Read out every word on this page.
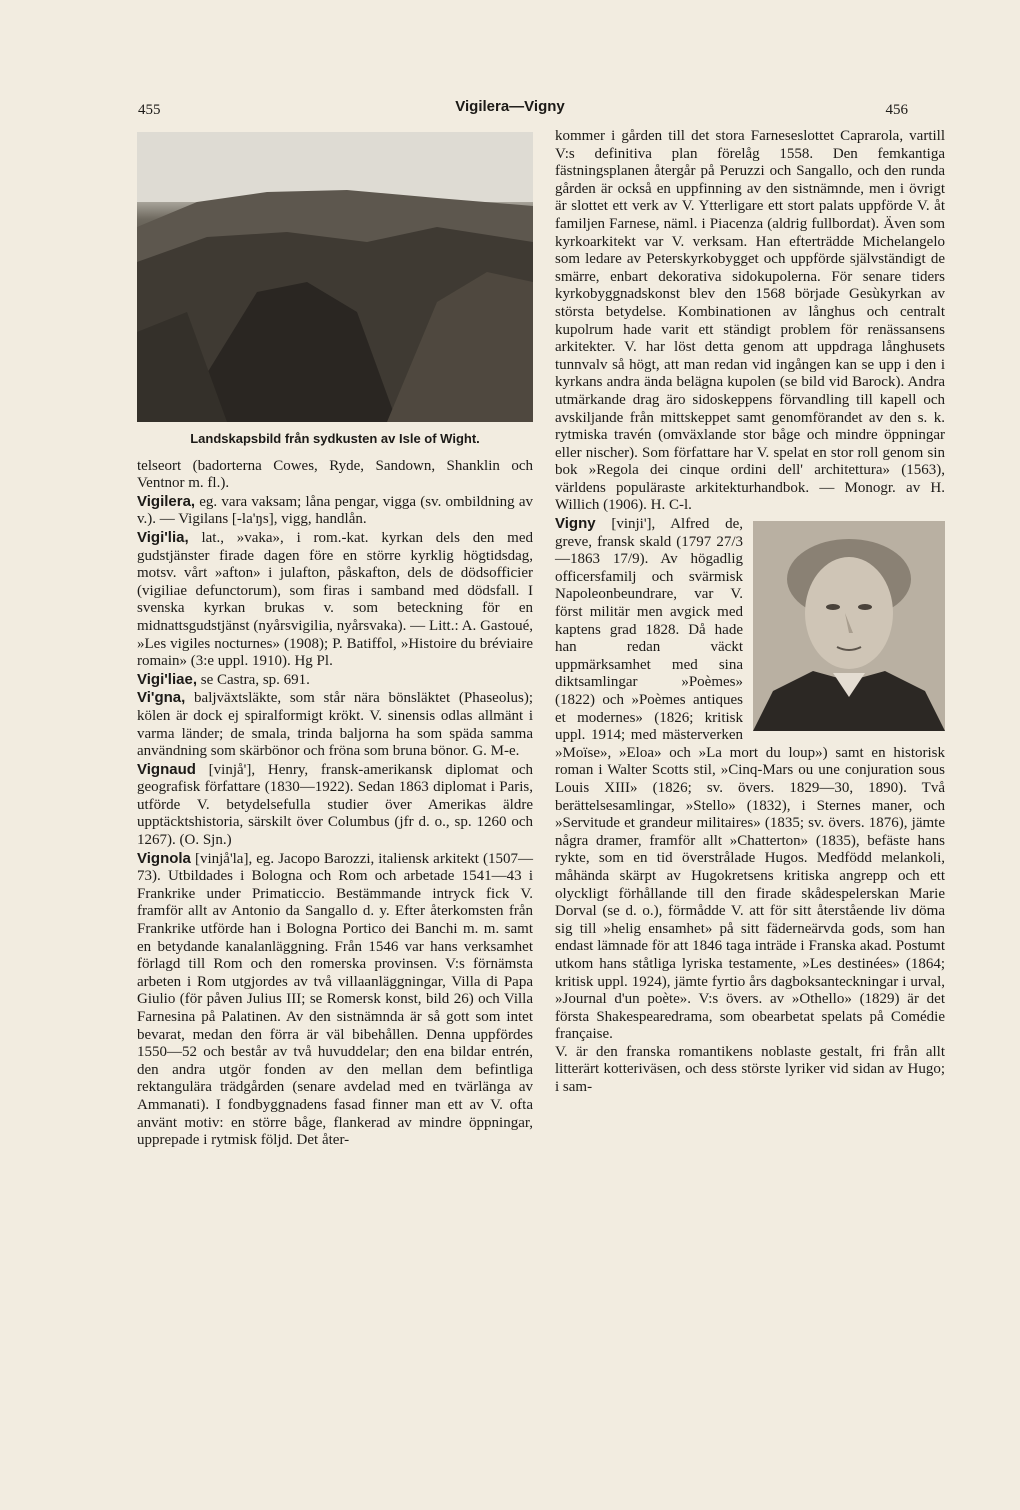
455	Vigilera—Vigny	456
Landskapsbild från sydkusten av Isle of Wight.

telseort (badorterna Cowes, Ryde, Sandown, Shanklin och Ventnor m. fl.).

Vigilera, eg. vara vaksam; låna pengar, vigga (sv. ombildning av v.). — Vigilans [-la'ŋs], vigg, handlån.

Vigi'lia, lat., »vaka», i rom.-kat. kyrkan dels den med gudstjänster firade dagen före en större kyrklig högtidsdag, motsv. vårt »afton» i julafton, påskafton, dels de dödsofficier (vigiliae defunctorum), som firas i samband med dödsfall. I svenska kyrkan brukas v. som beteckning för en midnattsgudstjänst (nyårsvigilia, nyårsvaka). — Litt.: A. Gastoué, »Les vigiles nocturnes» (1908); P. Batiffol, »Histoire du bréviaire romain» (3:e uppl. 1910). Hg Pl.

Vigi'liae, se Castra, sp. 691.

Vi'gna, baljväxtsläkte, som står nära bönsläktet (Phaseolus); kölen är dock ej spiralformigt krökt. V. sinensis odlas allmänt i varma länder; de smala, trinda baljorna ha som späda samma användning som skärbönor och fröna som bruna bönor. G. M-e.

Vignaud [vinjå'], Henry, fransk-amerikansk diplomat och geografisk författare (1830—1922). Sedan 1863 diplomat i Paris, utförde V. betydelsefulla studier över Amerikas äldre upptäcktshistoria, särskilt över Columbus (jfr d. o., sp. 1260 och 1267). (O. Sjn.)

Vignola [vinjå'la], eg. Jacopo Barozzi, italiensk arkitekt (1507—73). Utbildades i Bologna och Rom och arbetade 1541—43 i Frankrike under Primaticcio. Bestämmande intryck fick V. framför allt av Antonio da Sangallo d. y. Efter återkomsten från Frankrike utförde han i Bologna Portico dei Banchi m. m. samt en betydande kanalanläggning. Från 1546 var hans verksamhet förlagd till Rom och den romerska provinsen. V:s förnämsta arbeten i Rom utgjordes av två villaanläggningar, Villa di Papa Giulio (för påven Julius III; se Romersk konst, bild 26) och Villa Farnesina på Palatinen. Av den sistnämnda är så gott som intet bevarat, medan den förra är väl bibehållen. Denna uppfördes 1550—52 och består av två huvuddelar; den ena bildar entrén, den andra utgör fonden av den mellan dem befintliga rektangulära trädgården (senare avdelad med en tvärlänga av Ammanati). I fondbyggnadens fasad finner man ett av V. ofta använt motiv: en större båge, flankerad av mindre öppningar, upprepade i rytmisk följd. Det åter-

kommer i gården till det stora Farneseslottet Caprarola, vartill V:s definitiva plan förelåg 1558. Den femkantiga fästningsplanen återgår på Peruzzi och Sangallo, och den runda gården är också en uppfinning av den sistnämnde, men i övrigt är slottet ett verk av V. Ytterligare ett stort palats uppförde V. åt familjen Farnese, näml. i Piacenza (aldrig fullbordat). Även som kyrkoarkitekt var V. verksam. Han efterträdde Michelangelo som ledare av Peterskyrkobygget och uppförde självständigt de smärre, enbart dekorativa sidokupolerna. För senare tiders kyrkobyggnadskonst blev den 1568 började Gesùkyrkan av största betydelse. Kombinationen av långhus och centralt kupolrum hade varit ett ständigt problem för renässansens arkitekter. V. har löst detta genom att uppdraga långhusets tunnvalv så högt, att man redan vid ingången kan se upp i den i kyrkans andra ända belägna kupolen (se bild vid Barock). Andra utmärkande drag äro sidoskeppens förvandling till kapell och avskiljande från mittskeppet samt genomförandet av den s. k. rytmiska travén (omväxlande stor båge och mindre öppningar eller nischer). Som författare har V. spelat en stor roll genom sin bok »Regola dei cinque ordini dell' architettura» (1563), världens populäraste arkitekturhandbok. — Monogr. av H. Willich (1906). H. C-l.

Vigny [vinji'], Alfred de, greve, fransk skald (1797 27/3—1863 17/9). Av högadlig officersfamilj och svärmisk Napoleonbeundrare, var V. först militär men avgick med kaptens grad 1828. Då hade han redan väckt uppmärksamhet med sina diktsamlingar »Poèmes» (1822) och »Poèmes antiques et modernes» (1826; kritisk uppl. 1914; med mästerverken »Moïse», »Eloa» och »La mort du loup») samt en historisk roman i Walter Scotts stil, »Cinq-Mars ou une conjuration sous Louis XIII» (1826; sv. övers. 1829—30, 1890). Två berättelsesamlingar, »Stello» (1832), i Sternes maner, och »Servitude et grandeur militaires» (1835; sv. övers. 1876), jämte några dramer, framför allt »Chatterton» (1835), befäste hans rykte, som en tid överstrålade Hugos. Medfödd melankoli, måhända skärpt av Hugokretsens kritiska angrepp och ett olyckligt förhållande till den firade skådespelerskan Marie Dorval (se d. o.), förmådde V. att för sitt återstående liv döma sig till »helig ensamhet» på sitt fäderneärvda gods, som han endast lämnade för att 1846 taga inträde i Franska akad. Postumt utkom hans ståtliga lyriska testamente, »Les destinées» (1864; kritisk uppl. 1924), jämte fyrtio års dagboksanteckningar i urval, »Journal d'un poète». V:s övers. av »Othello» (1829) är det första Shakespearedrama, som obearbetat spelats på Comédie française.

V. är den franska romantikens noblaste gestalt, fri från allt litterärt kotteriväsen, och dess störste lyriker vid sidan av Hugo; i sam-
